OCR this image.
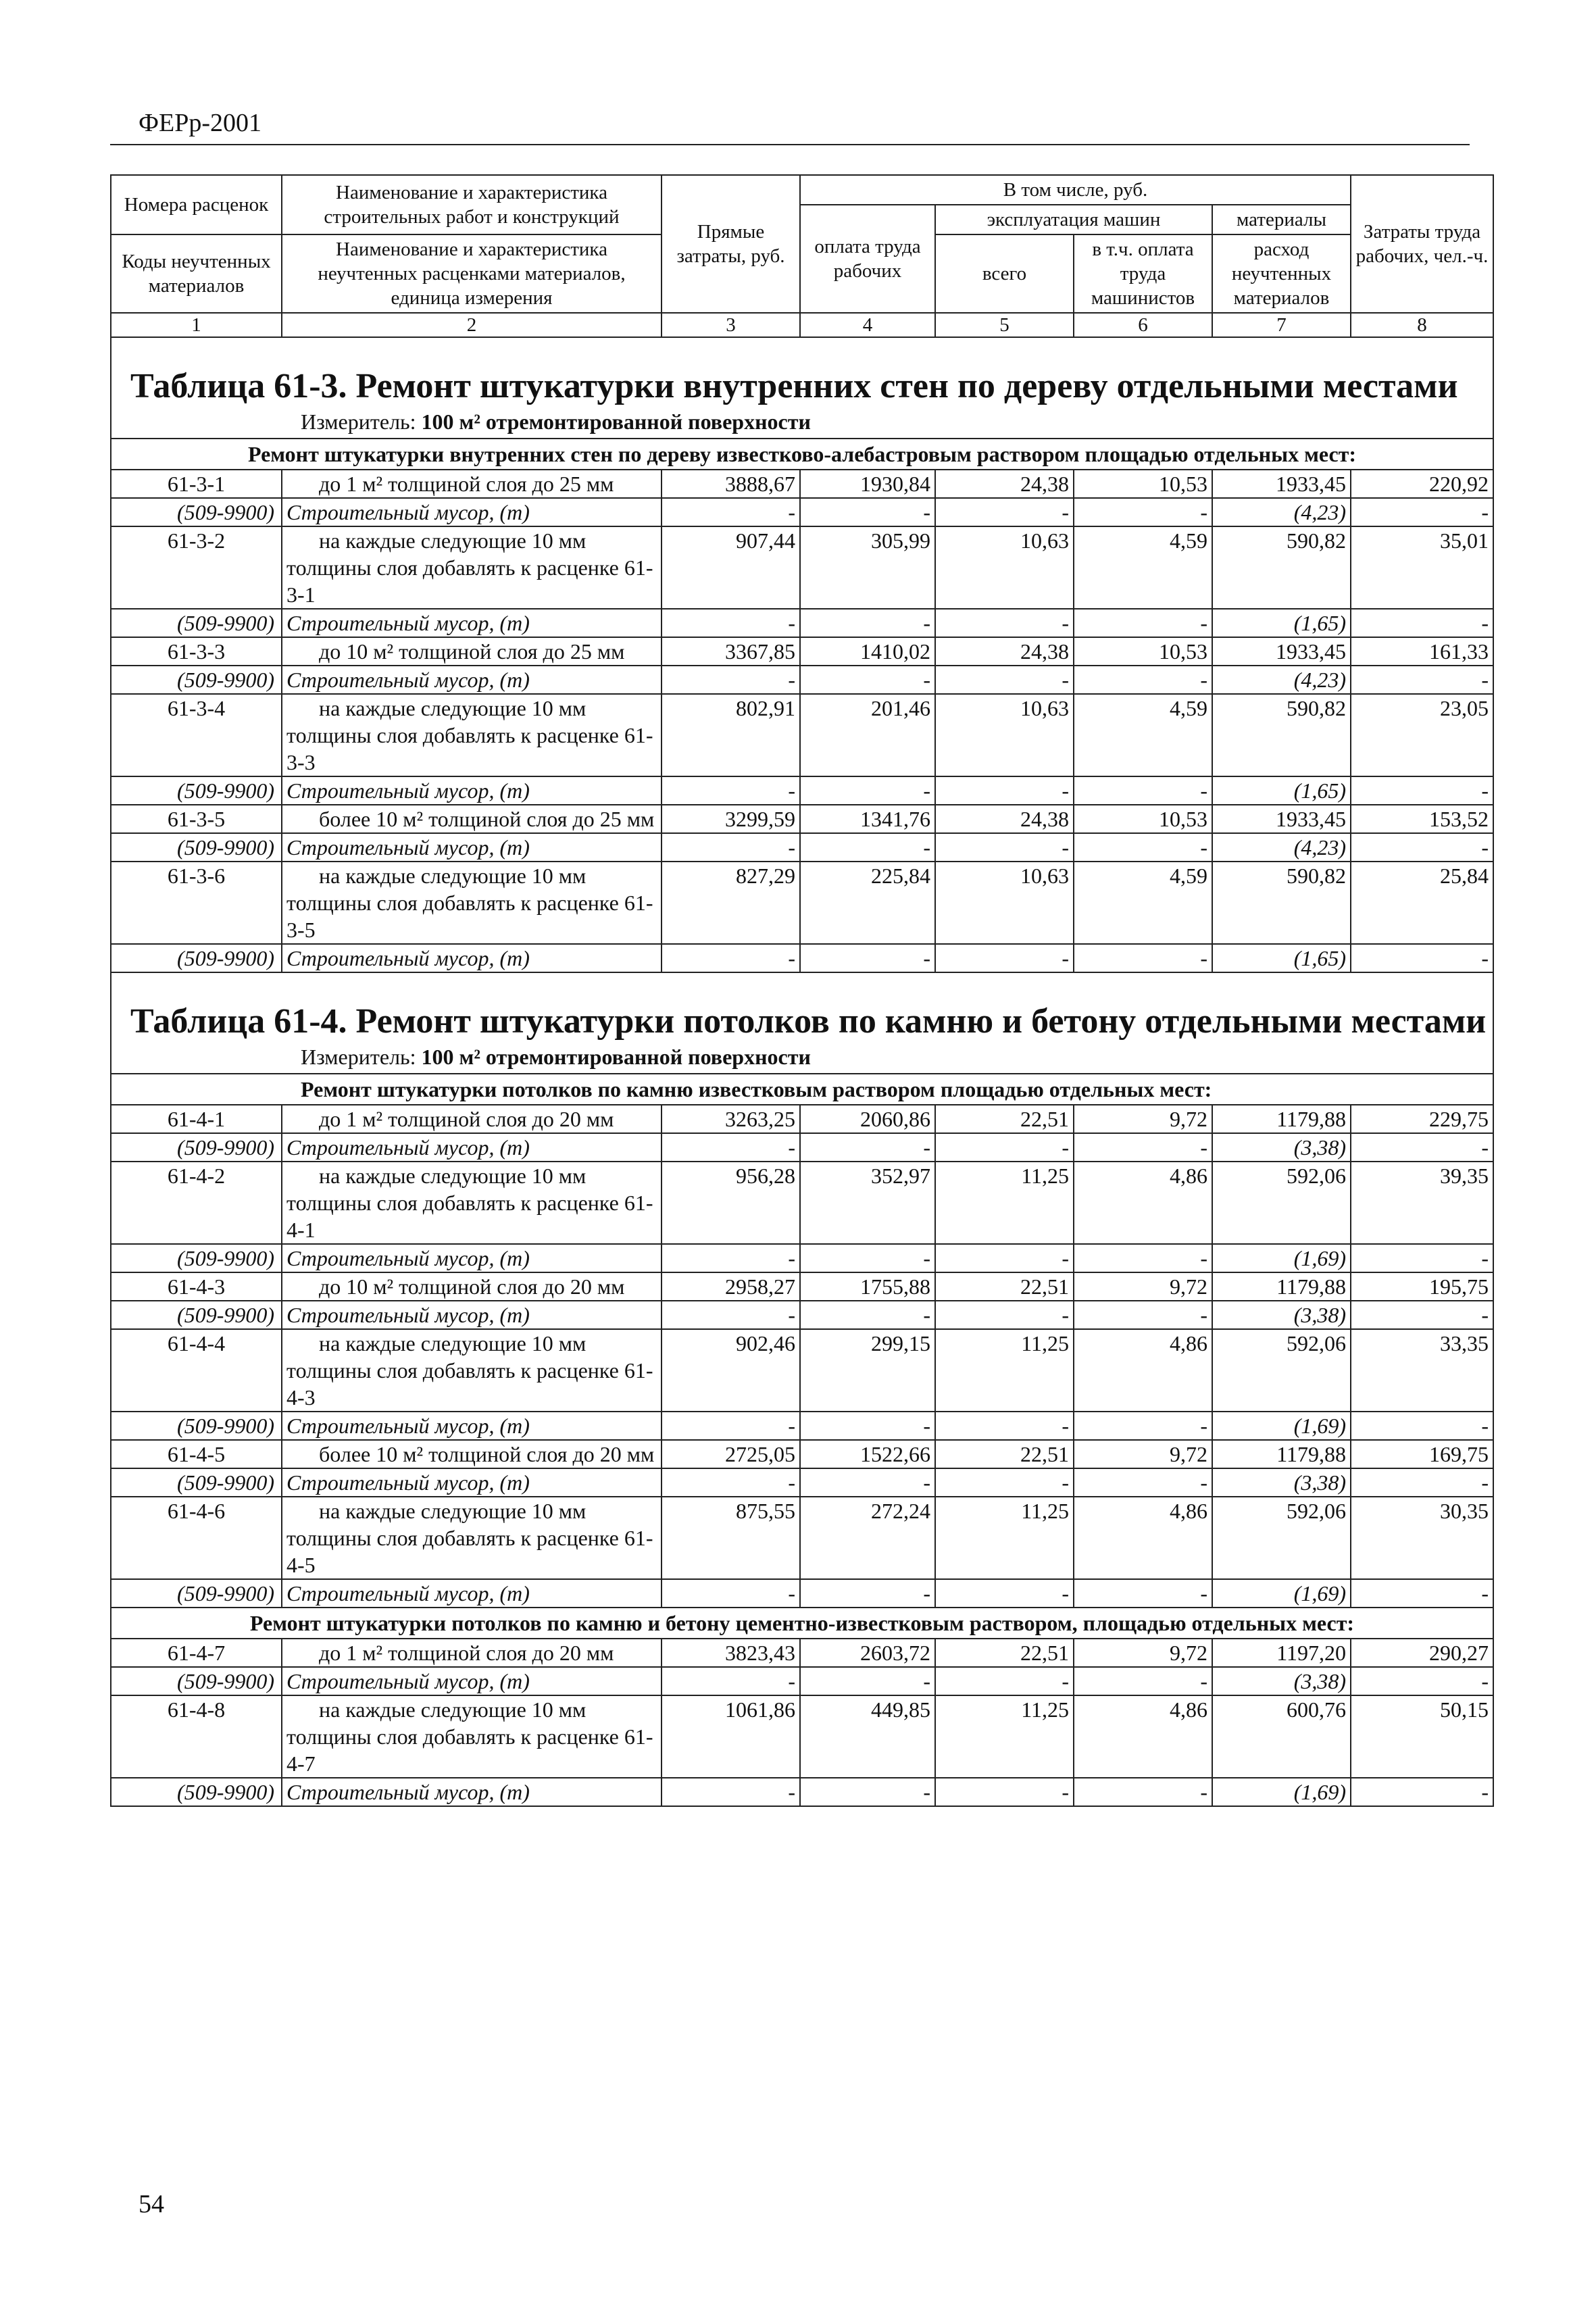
ФЕРр-2001
Номера расценок	Наименование и характеристика строительных работ и конструкций	Прямые затраты, руб.	В том числе, руб.				Затраты труда рабочих, чел.-ч.
			оплата труда рабочих	эксплуатация машин		материалы	
Коды неучтенных материалов	Наименование и характеристика неучтенных расценками материалов, единица измерения			всего	в т.ч. оплата труда машинистов	расход неучтенных материалов	
1	2	3	4	5	6	7	8

Таблица 61-3. Ремонт штукатурки внутренних стен по дереву отдельными местами
Измеритель: 100 м² отремонтированной поверхности							

Ремонт штукатурки внутренних стен по дереву известково-алебастровым раствором площадью отдельных мест:							
61-3-1	до 1 м² толщиной слоя до 25 мм	3888,67	1930,84	24,38	10,53	1933,45	220,92
(509-9900)	Строительный мусор, (т)	-	-	-	-	(4,23)	-
61-3-2	на каждые следующие 10 мм толщины слоя добавлять к расценке 61-3-1	907,44	305,99	10,63	4,59	590,82	35,01
(509-9900)	Строительный мусор, (т)	-	-	-	-	(1,65)	-
61-3-3	до 10 м² толщиной слоя до 25 мм	3367,85	1410,02	24,38	10,53	1933,45	161,33
(509-9900)	Строительный мусор, (т)	-	-	-	-	(4,23)	-
61-3-4	на каждые следующие 10 мм толщины слоя добавлять к расценке 61-3-3	802,91	201,46	10,63	4,59	590,82	23,05
(509-9900)	Строительный мусор, (т)	-	-	-	-	(1,65)	-
61-3-5	более 10 м² толщиной слоя до 25 мм	3299,59	1341,76	24,38	10,53	1933,45	153,52
(509-9900)	Строительный мусор, (т)	-	-	-	-	(4,23)	-
61-3-6	на каждые следующие 10 мм толщины слоя добавлять к расценке 61-3-5	827,29	225,84	10,63	4,59	590,82	25,84
(509-9900)	Строительный мусор, (т)	-	-	-	-	(1,65)	-

Таблица 61-4. Ремонт штукатурки потолков по камню и бетону отдельными местами
Измеритель: 100 м² отремонтированной поверхности							

Ремонт штукатурки потолков по камню известковым раствором площадью отдельных мест:							
61-4-1	до 1 м² толщиной слоя до 20 мм	3263,25	2060,86	22,51	9,72	1179,88	229,75
(509-9900)	Строительный мусор, (т)	-	-	-	-	(3,38)	-
61-4-2	на каждые следующие 10 мм толщины слоя добавлять к расценке 61-4-1	956,28	352,97	11,25	4,86	592,06	39,35
(509-9900)	Строительный мусор, (т)	-	-	-	-	(1,69)	-
61-4-3	до 10 м² толщиной слоя до 20 мм	2958,27	1755,88	22,51	9,72	1179,88	195,75
(509-9900)	Строительный мусор, (т)	-	-	-	-	(3,38)	-
61-4-4	на каждые следующие 10 мм толщины слоя добавлять к расценке 61-4-3	902,46	299,15	11,25	4,86	592,06	33,35
(509-9900)	Строительный мусор, (т)	-	-	-	-	(1,69)	-
61-4-5	более 10 м² толщиной слоя до 20 мм	2725,05	1522,66	22,51	9,72	1179,88	169,75
(509-9900)	Строительный мусор, (т)	-	-	-	-	(3,38)	-
61-4-6	на каждые следующие 10 мм толщины слоя добавлять к расценке 61-4-5	875,55	272,24	11,25	4,86	592,06	30,35
(509-9900)	Строительный мусор, (т)	-	-	-	-	(1,69)	-
Ремонт штукатурки потолков по камню и бетону цементно-известковым раствором, площадью отдельных мест:							
61-4-7	до 1 м² толщиной слоя до 20 мм	3823,43	2603,72	22,51	9,72	1197,20	290,27
(509-9900)	Строительный мусор, (т)	-	-	-	-	(3,38)	-
61-4-8	на каждые следующие 10 мм толщины слоя добавлять к расценке 61-4-7	1061,86	449,85	11,25	4,86	600,76	50,15
(509-9900)	Строительный мусор, (т)	-	-	-	-	(1,69)	-
54
